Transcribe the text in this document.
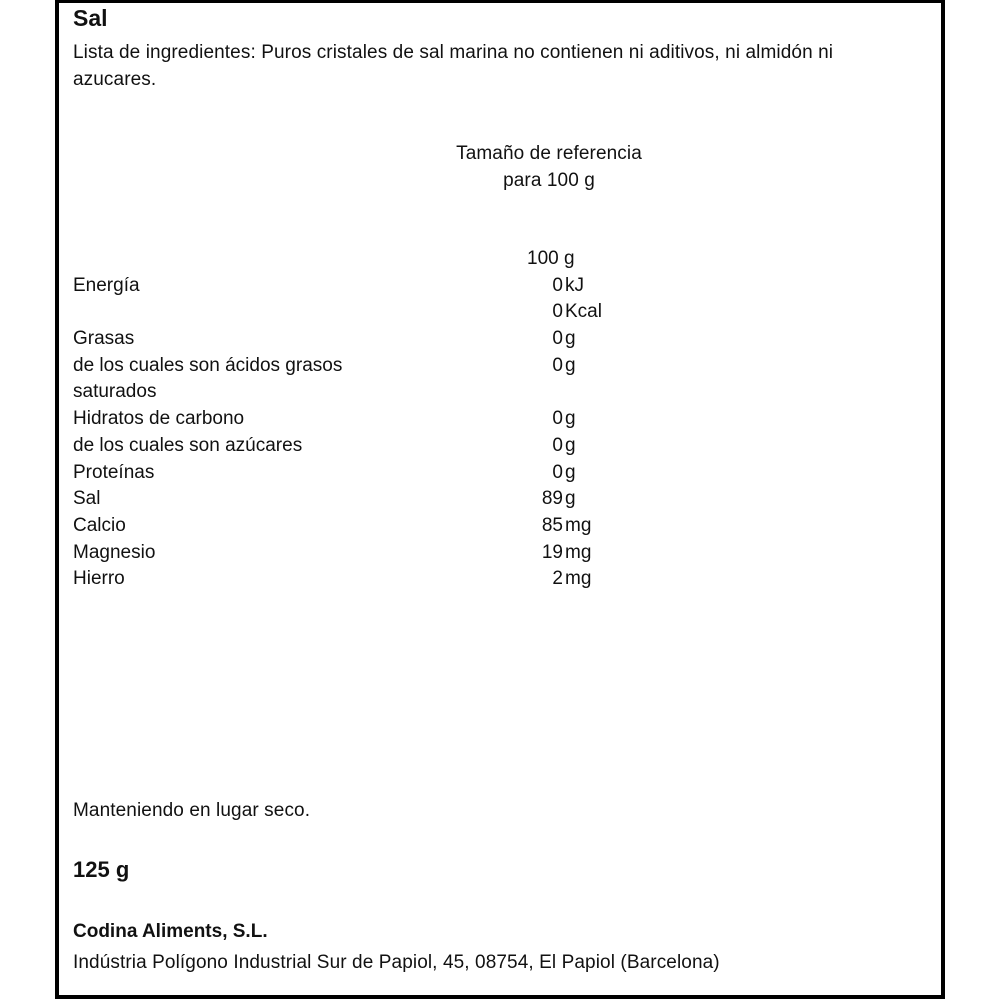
Sal
Lista de ingredientes: Puros cristales de sal marina no contienen ni aditivos, ni almidón ni azucares.
Tamaño de referencia
para 100 g
100 g
Energía	0 kJ
0 Kcal
Grasas	0 g
de los cuales son ácidos grasos	0 g
saturados
Hidratos de carbono	0 g
de los cuales son azúcares	0 g
Proteínas	0 g
Sal	89 g
Calcio	85 mg
Magnesio	19 mg
Hierro	2 mg
Manteniendo en lugar seco.
125 g
Codina Aliments, S.L.
Indústria Polígono Industrial Sur de Papiol, 45, 08754, El Papiol (Barcelona)
